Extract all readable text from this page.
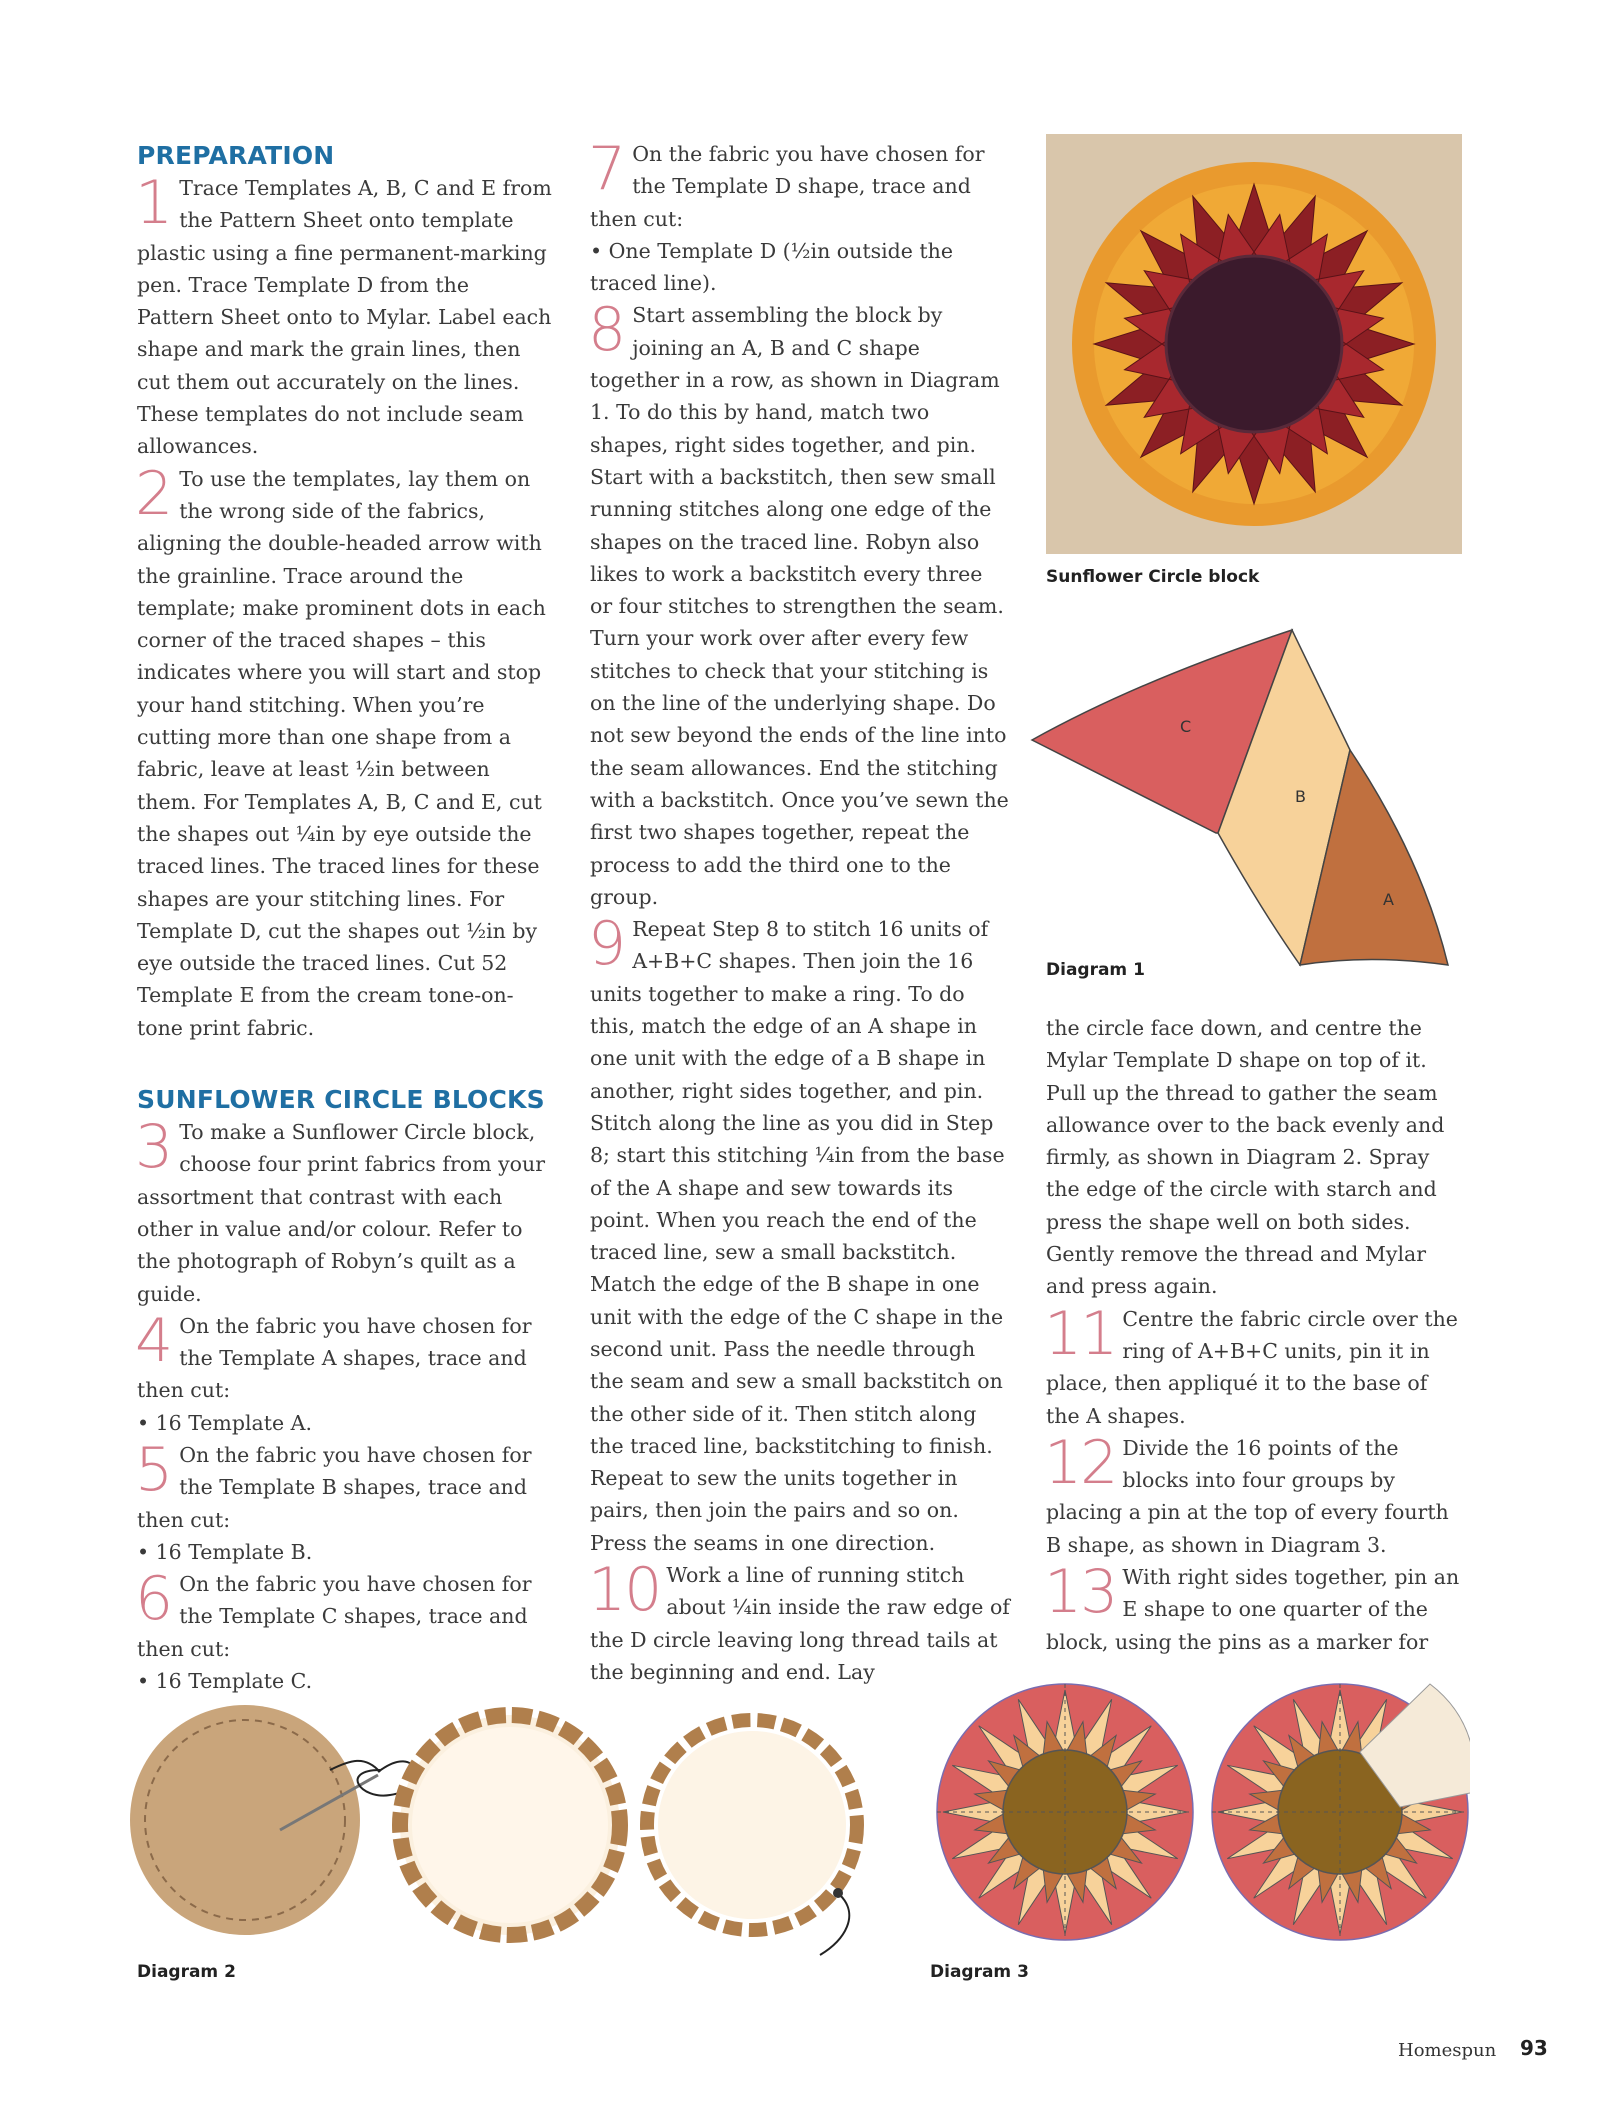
PREPARATION

1 Trace Templates A, B, C and E from the Pattern Sheet onto template plastic using a fine permanent-marking pen. Trace Template D from the Pattern Sheet onto to Mylar. Label each shape and mark the grain lines, then cut them out accurately on the lines. These templates do not include seam allowances.

2 To use the templates, lay them on the wrong side of the fabrics, aligning the double-headed arrow with the grainline. Trace around the template; make prominent dots in each corner of the traced shapes – this indicates where you will start and stop your hand stitching. When you’re cutting more than one shape from a fabric, leave at least ½in between them. For Templates A, B, C and E, cut the shapes out ¼in by eye outside the traced lines. The traced lines for these shapes are your stitching lines. For Template D, cut the shapes out ½in by eye outside the traced lines. Cut 52 Template E from the cream tone-on-tone print fabric.

SUNFLOWER CIRCLE BLOCKS

3 To make a Sunflower Circle block, choose four print fabrics from your assortment that contrast with each other in value and/or colour. Refer to the photograph of Robyn’s quilt as a guide.

4 On the fabric you have chosen for the Template A shapes, trace and then cut:

• 16 Template A.

5 On the fabric you have chosen for the Template B shapes, trace and then cut:

• 16 Template B.

6 On the fabric you have chosen for the Template C shapes, trace and then cut:

• 16 Template C.

7 On the fabric you have chosen for the Template D shape, trace and then cut:

• One Template D (½in outside the traced line).

8 Start assembling the block by joining an A, B and C shape together in a row, as shown in Diagram 1. To do this by hand, match two shapes, right sides together, and pin. Start with a backstitch, then sew small running stitches along one edge of the shapes on the traced line. Robyn also likes to work a backstitch every three or four stitches to strengthen the seam. Turn your work over after every few stitches to check that your stitching is on the line of the underlying shape. Do not sew beyond the ends of the line into the seam allowances. End the stitching with a backstitch. Once you’ve sewn the first two shapes together, repeat the process to add the third one to the group.

9 Repeat Step 8 to stitch 16 units of A+B+C shapes. Then join the 16 units together to make a ring. To do this, match the edge of an A shape in one unit with the edge of a B shape in another, right sides together, and pin. Stitch along the line as you did in Step 8; start this stitching ¼in from the base of the A shape and sew towards its point. When you reach the end of the traced line, sew a small backstitch. Match the edge of the B shape in one unit with the edge of the C shape in the second unit. Pass the needle through the seam and sew a small backstitch on the other side of it. Then stitch along the traced line, backstitching to finish. Repeat to sew the units together in pairs, then join the pairs and so on. Press the seams in one direction.

10 Work a line of running stitch about ¼in inside the raw edge of the D circle leaving long thread tails at the beginning and end. Lay

Sunflower Circle block
C
B
A
Diagram 1

the circle face down, and centre the Mylar Template D shape on top of it. Pull up the thread to gather the seam allowance over to the back evenly and firmly, as shown in Diagram 2. Spray the edge of the circle with starch and press the shape well on both sides. Gently remove the thread and Mylar and press again.

11 Centre the fabric circle over the ring of A+B+C units, pin it in place, then appliqué it to the base of the A shapes.

12 Divide the 16 points of the blocks into four groups by placing a pin at the top of every fourth B shape, as shown in Diagram 3.

13 With right sides together, pin an E shape to one quarter of the block, using the pins as a marker for

Diagram 2	Diagram 3
Homespun 93
